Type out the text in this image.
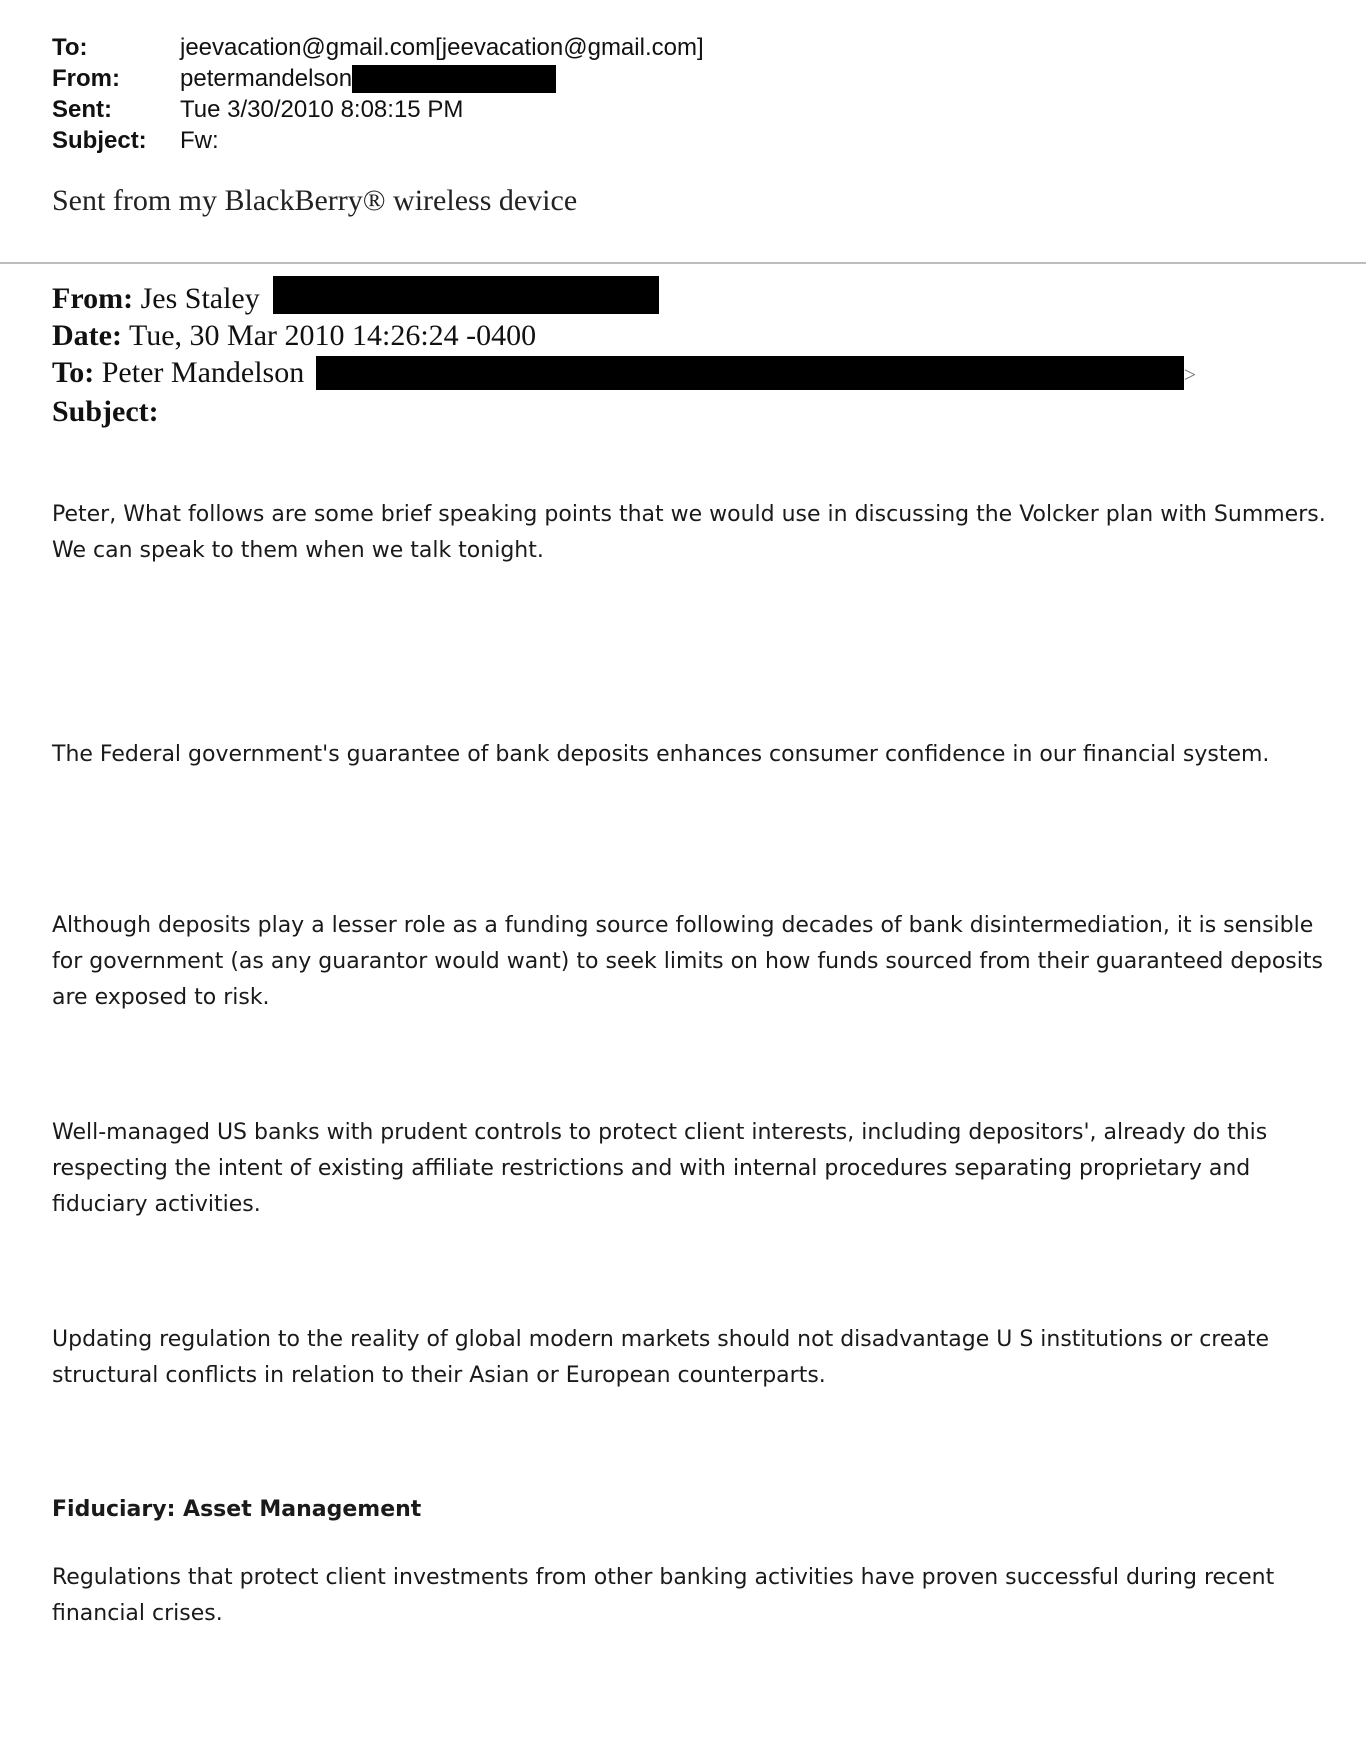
To:	jeevacation@gmail.com[jeevacation@gmail.com]
From:	petermandelson
Sent:	Tue 3/30/2010 8:08:15 PM
Subject:	Fw:
Sent from my BlackBerry® wireless device
From: Jes Staley
Date: Tue, 30 Mar 2010 14:26:24 -0400
To: Peter Mandelson	>
Subject:

Peter, What follows are some brief speaking points that we would use in discussing the Volcker plan with Summers. We can speak to them when we talk tonight.

The Federal government's guarantee of bank deposits enhances consumer confidence in our financial system.

Although deposits play a lesser role as a funding source following decades of bank disintermediation, it is sensible for government (as any guarantor would want) to seek limits on how funds sourced from their guaranteed deposits are exposed to risk.

Well-managed US banks with prudent controls to protect client interests, including depositors', already do this respecting the intent of existing affiliate restrictions and with internal procedures separating proprietary and fiduciary activities.

Updating regulation to the reality of global modern markets should not disadvantage U S institutions or create structural conflicts in relation to their Asian or European counterparts.

Fiduciary: Asset Management

Regulations that protect client investments from other banking activities have proven successful during recent financial crises.
